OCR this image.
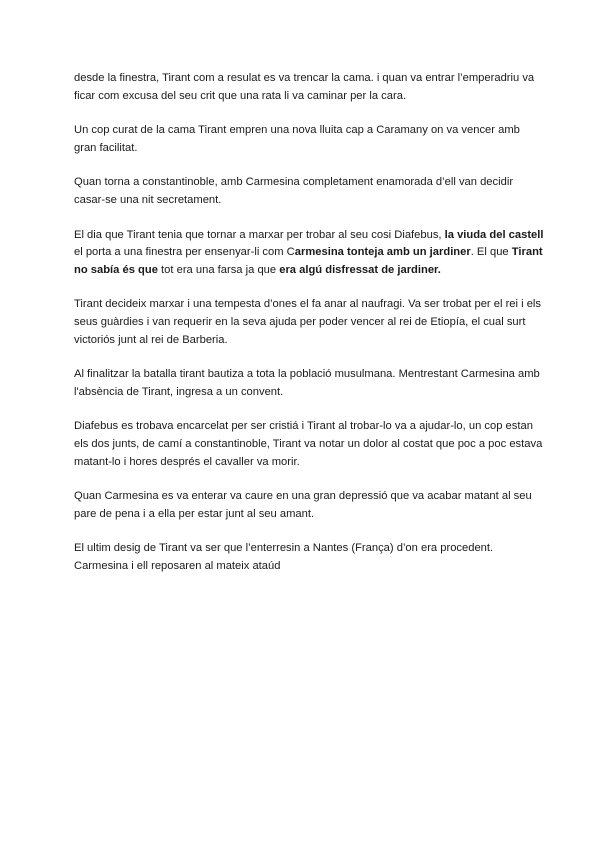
desde la finestra, Tirant com a resulat es va trencar la cama. i quan va entrar l’emperadriu va ficar com excusa del seu crit que una rata li va caminar per la cara.

Un cop curat de la cama Tirant empren una nova lluita cap a Caramany on va vencer amb gran facilitat.

Quan torna a constantinoble, amb Carmesina completament enamorada d’ell van decidir casar-se una nit secretament.

El dia que Tirant tenia que tornar a marxar per trobar al seu cosi Diafebus, la viuda del castell el porta a una finestra per ensenyar-li com Carmesina tonteja amb un jardiner. El que Tirant no sabía és que tot era una farsa ja que era algú disfressat de jardiner.

Tirant decideix marxar i una tempesta d’ones el fa anar al naufragi. Va ser trobat per el rei i els seus guàrdies i van requerir en la seva ajuda per poder vencer al rei de Etiopía, el cual surt victoriós junt al rei de Barberia.

Al finalitzar la batalla tirant bautiza a tota la població musulmana. Mentrestant Carmesina amb l'absència de Tirant, ingresa a un convent.

Diafebus es trobava encarcelat per ser cristiá i Tirant al trobar-lo va a ajudar-lo, un cop estan els dos junts, de camí a constantinoble, Tirant va notar un dolor al costat que poc a poc estava matant-lo i hores després el cavaller va morir.

Quan Carmesina es va enterar va caure en una gran depressió que va acabar matant al seu pare de pena i a ella per estar junt al seu amant.

El ultim desig de Tirant va ser que l’enterresin a Nantes (França) d’on era procedent. Carmesina i ell reposaren al mateix ataúd
